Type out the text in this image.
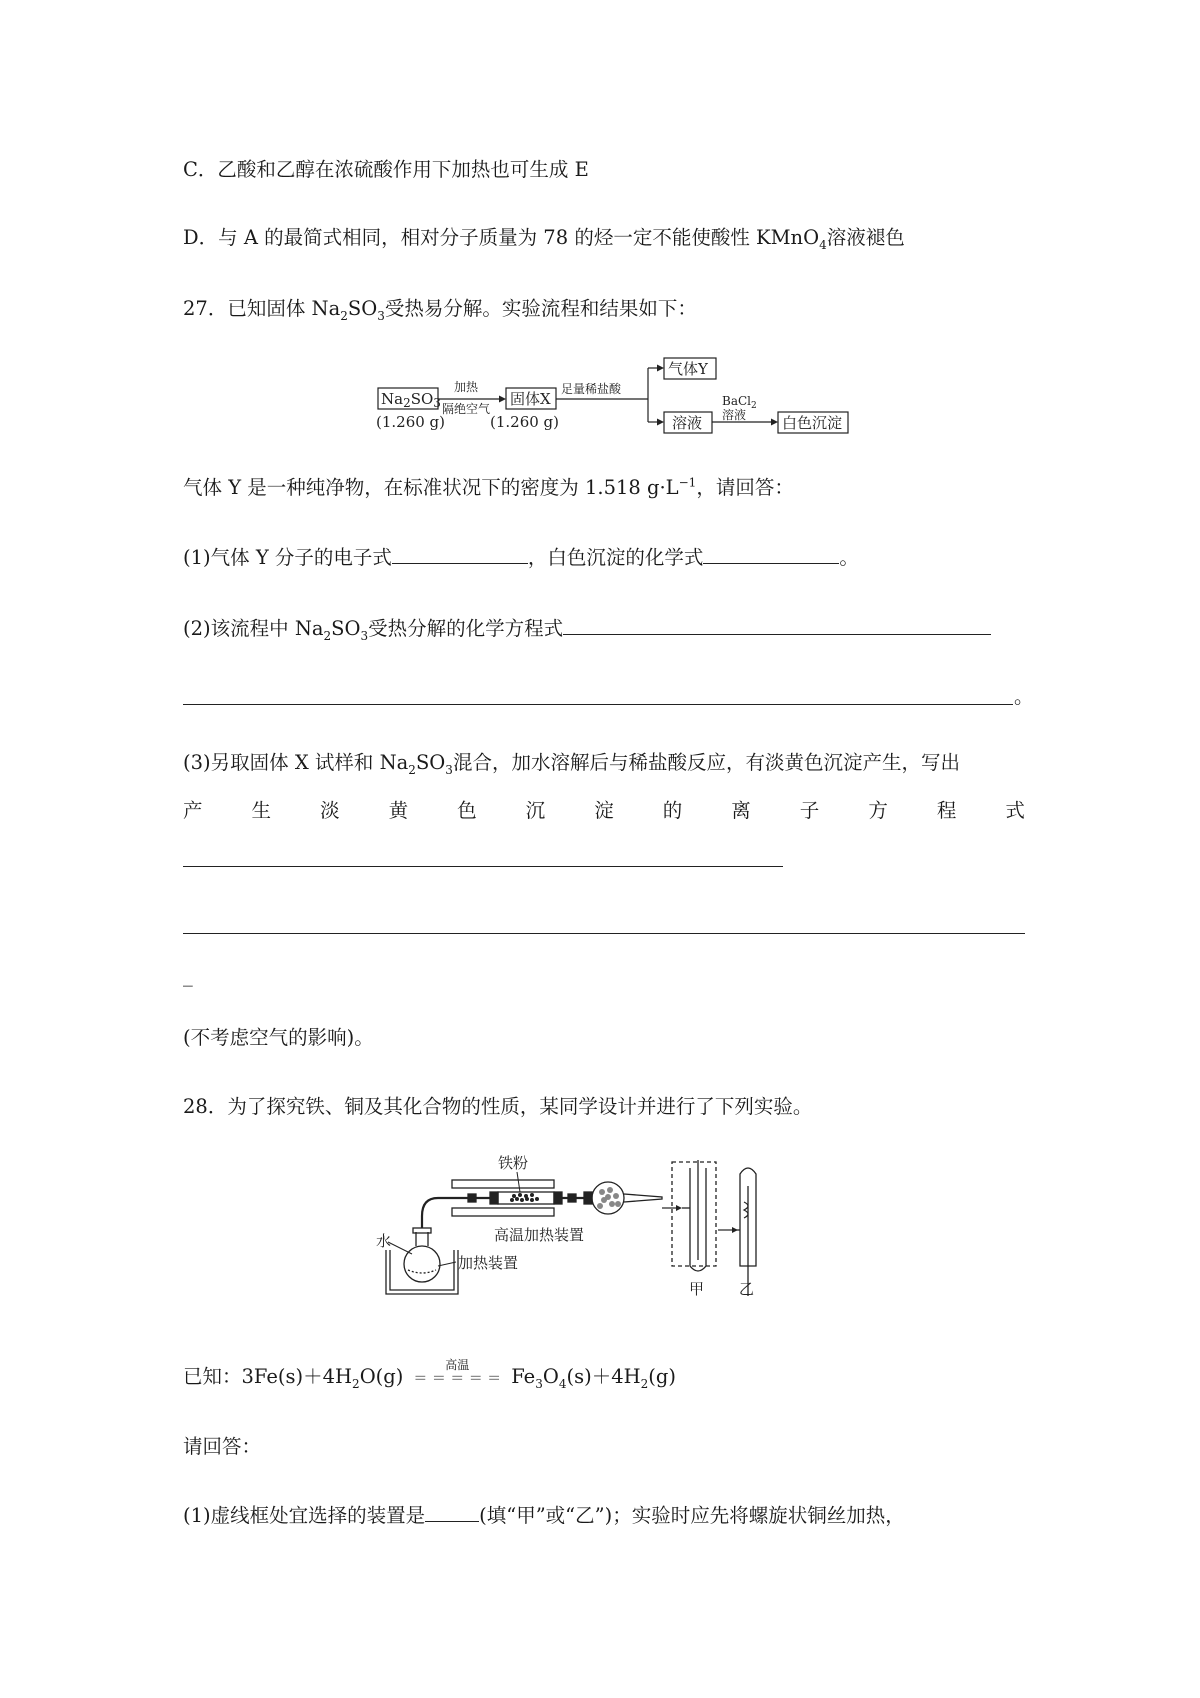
C．乙酸和乙醇在浓硫酸作用下加热也可生成 E
D．与 A 的最简式相同，相对分子质量为 78 的烃一定不能使酸性 KMnO$_4$溶液褪色
27．已知固体 $Na_2SO_3$受热易分解。实验流程和结果如下：
$Na_2SO_3$
(1.260 g)
加热
隔绝空气
固体X
(1.260 g)
足量稀盐酸
气体Y
溶液
BaCl$_2$
溶液 白色沉淀
气体 Y 是一种纯净物，在标准状况下的密度为 1.518 $g\cdot L^{-1}$，请回答：
(1)气体 Y 分子的电子式	，白色沉淀的化学式	。
(2)该流程中 $Na_2SO_3$受热分解的化学方程式
。
(3)另取固体 X 试样和 $Na_2SO_3$混合，加水溶解后与稀盐酸反应，有淡黄色沉淀产生，写出
产	生	淡	黄	色	沉	淀	的	离	子	方	程	式
_
(不考虑空气的影响)。
28．为了探究铁、铜及其化合物的性质，某同学设计并进行了下列实验。
铁粉
高温加热装置
水
加热装置
甲 乙
已知：$3Fe(s)+4H_2O(g)$	高温
＝ ＝ ＝ ＝ ＝ $Fe_3O_4(s)+4H_2(g)$
请回答：
(1)虚线框处宜选择的装置是	(填“甲”或“乙”)；实验时应先将螺旋状铜丝加热，
